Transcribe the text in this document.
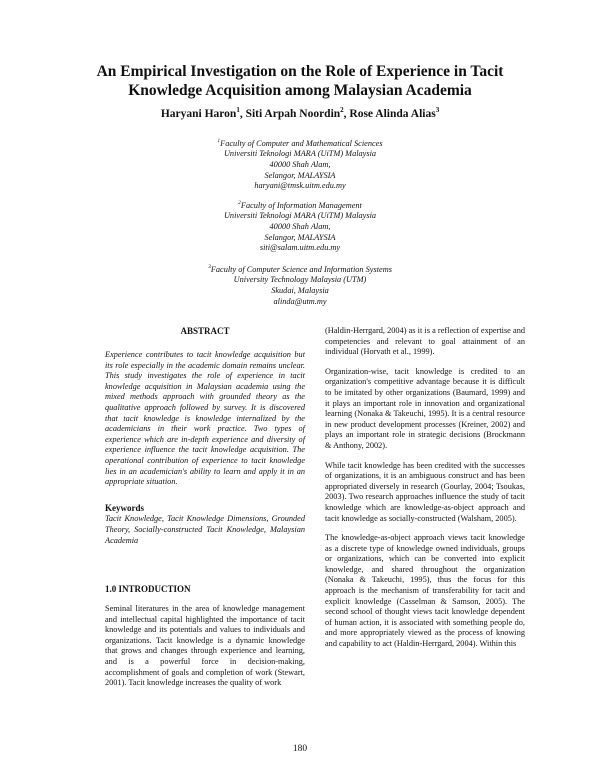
An Empirical Investigation on the Role of Experience in Tacit
Knowledge Acquisition among Malaysian Academia
Haryani Haron$^1$, Siti Arpah Noordin$^2$, Rose Alinda Alias$^3$
$^1$Faculty of Computer and Mathematical Sciences
Universiti Teknologi MARA (UiTM) Malaysia
40000 Shah Alam,
Selangor, MALAYSIA
haryani@tmsk.uitm.edu.my
$^2$Faculty of Information Management
Universiti Teknologi MARA (UiTM) Malaysia
40000 Shah Alam,
Selangor, MALAYSIA
siti@salam.uitm.edu.my
$^3$Faculty of Computer Science and Information Systems
University Technology Malaysia (UTM)
Skudai, Malaysia
alinda@utm.my
ABSTRACT

Experience contributes to tacit knowledge acquisition but its role especially in the academic domain remains unclear. This study investigates the role of experience in tacit knowledge acquisition in Malaysian academia using the mixed methods approach with grounded theory as the qualitative approach followed by survey. It is discovered that tacit knowledge is knowledge internalized by the academicians in their work practice. Two types of experience which are in-depth experience and diversity of experience influence the tacit knowledge acquisition. The operational contribution of experience to tacit knowledge lies in an academician's ability to learn and apply it in an appropriate situation.

Keywords

Tacit Knowledge, Tacit Knowledge Dimensions, Grounded Theory, Socially-constructed Tacit Knowledge, Malaysian Academia

1.0 INTRODUCTION

Seminal literatures in the area of knowledge management and intellectual capital highlighted the importance of tacit knowledge and its potentials and values to individuals and organizations. Tacit knowledge is a dynamic knowledge that grows and changes through experience and learning, and is a powerful force in decision-making, accomplishment of goals and completion of work (Stewart, 2001). Tacit knowledge increases the quality of work

(Haldin-Herrgard, 2004) as it is a reflection of expertise and competencies and relevant to goal attainment of an individual (Horvath et al., 1999).

Organization-wise, tacit knowledge is credited to an organization's competitive advantage because it is difficult to be imitated by other organizations (Baumard, 1999) and it plays an important role in innovation and organizational learning (Nonaka & Takeuchi, 1995). It is a central resource in new product development processes (Kreiner, 2002) and plays an important role in strategic decisions (Brockmann & Anthony, 2002).

While tacit knowledge has been credited with the successes of organizations, it is an ambiguous construct and has been appropriated diversely in research (Gourlay, 2004; Tsoukas, 2003). Two research approaches influence the study of tacit knowledge which are knowledge-as-object approach and tacit knowledge as socially-constructed (Walsham, 2005).

The knowledge-as-object approach views tacit knowledge as a discrete type of knowledge owned individuals, groups or organizations, which can be converted into explicit knowledge, and shared throughout the organization (Nonaka & Takeuchi, 1995), thus the focus for this approach is the mechanism of transferability for tacit and explicit knowledge (Casselman & Samson, 2005). The second school of thought views tacit knowledge dependent of human action, it is associated with something people do, and more appropriately viewed as the process of knowing and capability to act (Haldin-Herrgard, 2004). Within this

180
